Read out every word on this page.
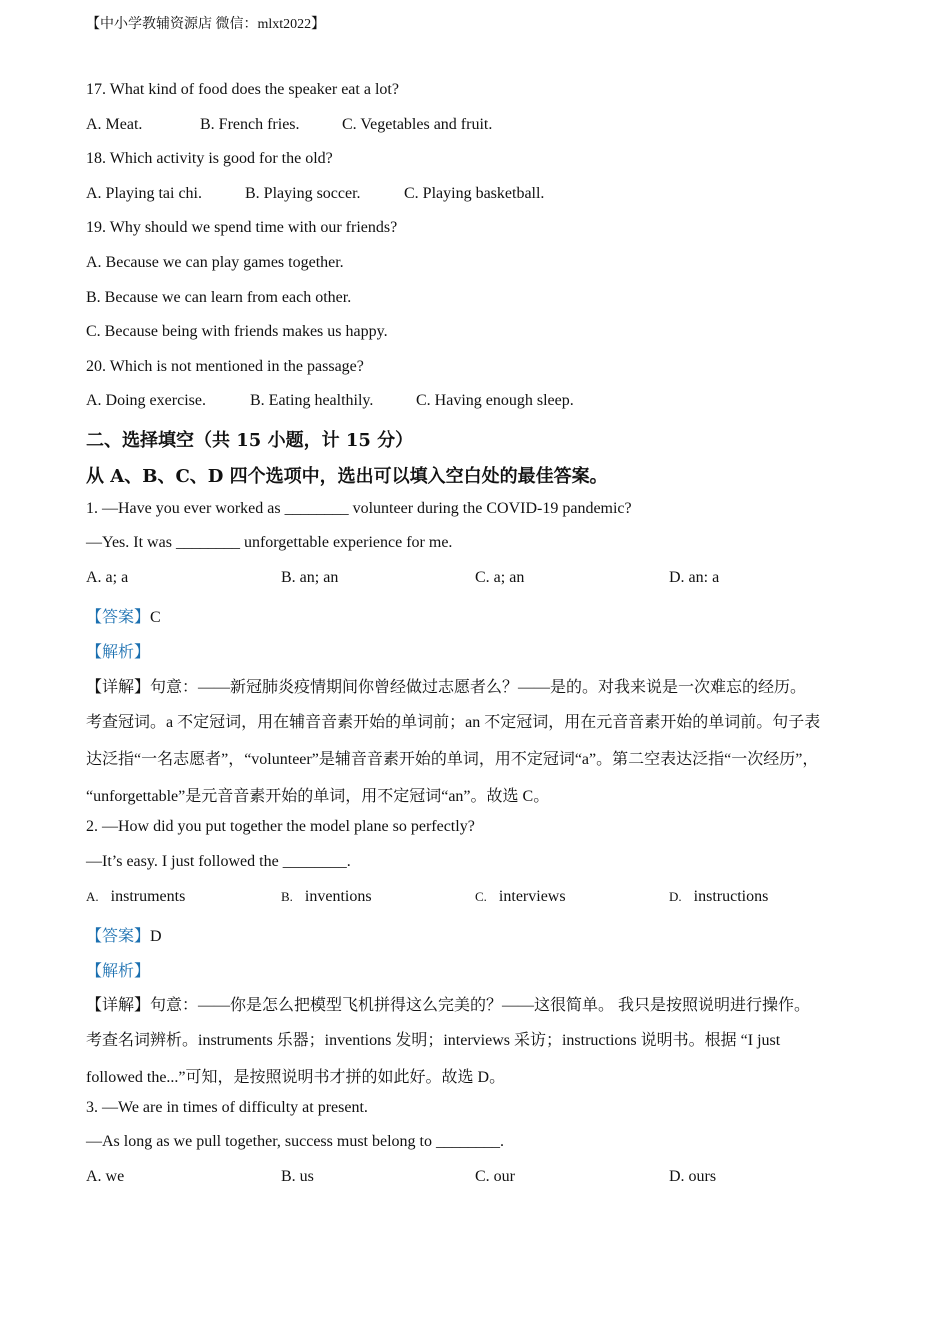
【中小学教辅资源店 微信：mlxt2022】
17. What kind of food does the speaker eat a lot?
A. Meat.	B. French fries.	C. Vegetables and fruit.
18. Which activity is good for the old?
A. Playing tai chi.	B. Playing soccer.	C. Playing basketball.
19. Why should we spend time with our friends?
A. Because we can play games together.
B. Because we can learn from each other.
C. Because being with friends makes us happy.
20. Which is not mentioned in the passage?
A. Doing exercise.	B. Eating healthily.	C. Having enough sleep.
二、选择填空（共 15 小题，计 15 分）
从 A、B、C、D 四个选项中，选出可以填入空白处的最佳答案。
1. —Have you ever worked as ________ volunteer during the COVID-19 pandemic?
—Yes. It was ________ unforgettable experience for me.
A. a; a	B. an; an	C. a; an	D. an: a
【答案】C
【解析】
【详解】句意：——新冠肺炎疫情期间你曾经做过志愿者么？——是的。对我来说是一次难忘的经历。
考查冠词。a 不定冠词，用在辅音音素开始的单词前；an 不定冠词，用在元音音素开始的单词前。句子表
达泛指“一名志愿者”，“volunteer”是辅音音素开始的单词，用不定冠词“a”。第二空表达泛指“一次经历”，
“unforgettable”是元音音素开始的单词，用不定冠词“an”。故选 C。
2. —How did you put together the model plane so perfectly?
—It’s easy. I just followed the ________.
A. instruments	B. inventions	C. interviews	D. instructions
【答案】D
【解析】
【详解】句意：——你是怎么把模型飞机拼得这么完美的？——这很简单。 我只是按照说明进行操作。
考查名词辨析。instruments 乐器；inventions 发明；interviews 采访；instructions 说明书。根据 “I just
followed the...”可知，是按照说明书才拼的如此好。故选 D。
3. —We are in times of difficulty at present.
—As long as we pull together, success must belong to ________.
A. we	B. us	C. our	D. ours
